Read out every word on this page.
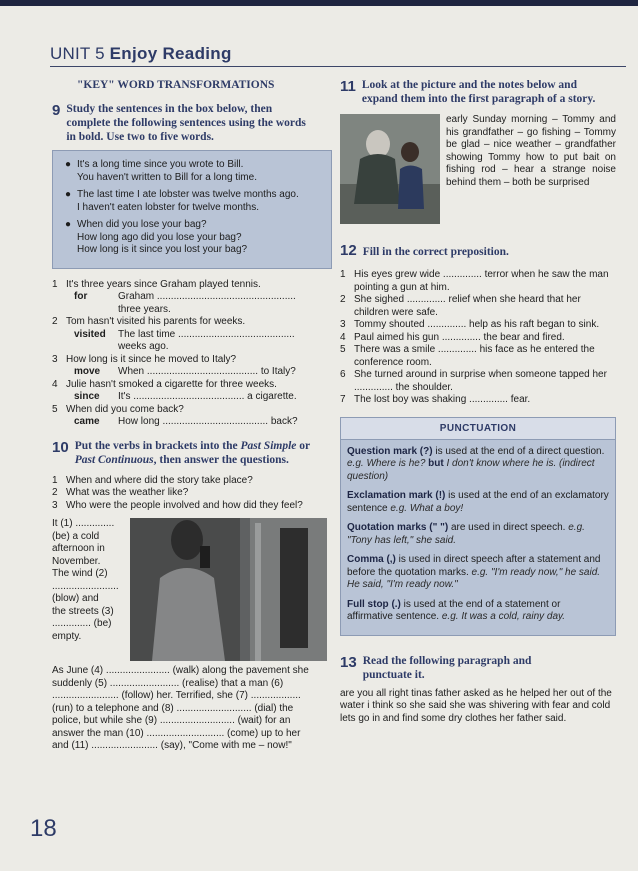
UNIT 5 Enjoy Reading
"KEY" WORD TRANSFORMATIONS
9 Study the sentences in the box below, then complete the following sentences using the words in bold. Use two to five words.
● It's a long time since you wrote to Bill.
You haven't written to Bill for a long time.
● The last time I ate lobster was twelve months ago.
I haven't eaten lobster for twelve months.
● When did you lose your bag?
How long ago did you lose your bag?
How long is it since you lost your bag?
1 It's three years since Graham played tennis.
for	Graham ..................................................
three years.
2 Tom hasn't visited his parents for weeks.
visited	The last time ..........................................
weeks ago.
3 How long is it since he moved to Italy?
move	When ........................................ to Italy?
4 Julie hasn't smoked a cigarette for three weeks.
since	It's ........................................ a cigarette.
5 When did you come back?
came	How long ...................................... back?
10 Put the verbs in brackets into the Past Simple or Past Continuous, then answer the questions.
1 When and where did the story take place?
2 What was the weather like?
3 Who were the people involved and how did they feel?
It (1) ..............
(be) a cold
afternoon in
November.
The wind (2)
........................
(blow) and
the streets (3)
.............. (be)
empty.
As June (4) ....................... (walk) along the pavement she
suddenly (5) ......................... (realise) that a man (6)
........................ (follow) her. Terrified, she (7) ..................
(run) to a telephone and (8) ........................... (dial) the
police, but while she (9) ........................... (wait) for an
answer the man (10) ............................ (come) up to her
and (11) ........................ (say), "Come with me – now!"
11 Look at the picture and the notes below and expand them into the first paragraph of a story.
early Sunday morning – Tommy and his grandfather – go fishing – Tommy be glad – nice weather – grandfather showing Tommy how to put bait on fishing rod – hear a strange noise behind them – both be surprised
12 Fill in the correct preposition.
1 His eyes grew wide .............. terror when he saw the man pointing a gun at him.
2 She sighed .............. relief when she heard that her children were safe.
3 Tommy shouted .............. help as his raft began to sink.
4 Paul aimed his gun .............. the bear and fired.
5 There was a smile .............. his face as he entered the conference room.
6 She turned around in surprise when someone tapped her .............. the shoulder.
7 The lost boy was shaking .............. fear.
PUNCTUATION

Question mark (?) is used at the end of a direct question. e.g. Where is he? but I don't know where he is. (indirect question)

Exclamation mark (!) is used at the end of an exclamatory sentence e.g. What a boy!

Quotation marks (" ") are used in direct speech. e.g. "Tony has left," she said.

Comma (,) is used in direct speech after a statement and before the quotation marks. e.g. "I'm ready now," he said. He said, "I'm ready now."

Full stop (.) is used at the end of a statement or affirmative sentence. e.g. It was a cold, rainy day.

13 Read the following paragraph and punctuate it.
are you all right tinas father asked as he helped her out of the water i think so she said she was shivering with fear and cold lets go in and find some dry clothes her father said.
18
